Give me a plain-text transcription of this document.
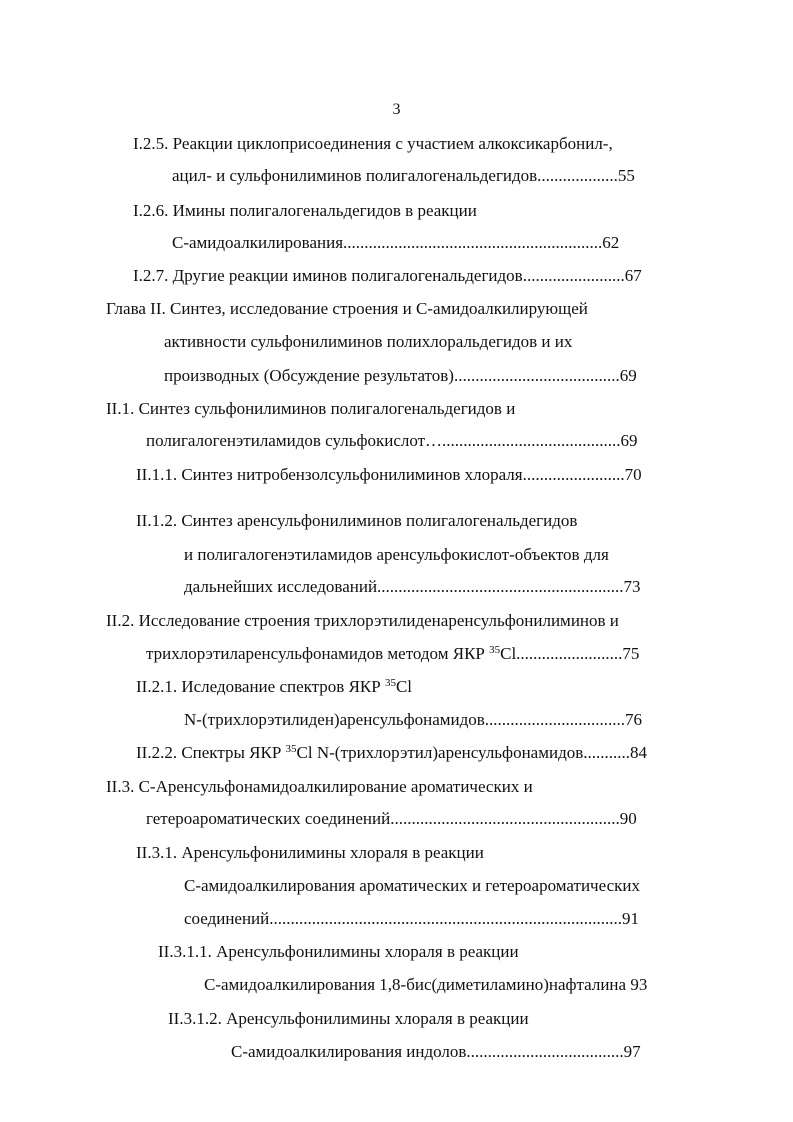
3
I.2.5. Реакции циклоприсоединения с участием алкоксикарбонил-,
ацил- и сульфонилиминов полигалогенальдегидов...................55
I.2.6. Имины полигалогенальдегидов в реакции
С-амидоалкилирования.............................................................62
I.2.7. Другие реакции иминов полигалогенальдегидов........................67
Глава II. Синтез, исследование строения и С-амидоалкилирующей
активности сульфонилиминов полихлоральдегидов и их
производных (Обсуждение результатов).......................................69
II.1. Синтез сульфонилиминов полигалогенальдегидов и
полигалогенэтиламидов сульфокислот…..........................................69
II.1.1. Синтез нитробензолсульфонилиминов хлораля........................70
II.1.2. Синтез аренсульфонилиминов полигалогенальдегидов
и полигалогенэтиламидов аренсульфокислот-объектов для
дальнейших исследований..........................................................73
II.2. Исследование строения трихлорэтилиденаренсульфонилиминов и
трихлорэтиларенсульфонамидов методом ЯКР $^{35}$Cl.........................75
II.2.1. Иследование спектров ЯКР $^{35}$Cl
N-(трихлорэтилиден)аренсульфонамидов.................................76
II.2.2. Спектры ЯКР $^{35}$Cl N-(трихлорэтил)аренсульфонамидов...........84
II.3. С-Аренсульфонамидоалкилирование ароматических и
гетероароматических соединений......................................................90
II.3.1. Аренсульфонилимины хлораля в реакции
С-амидоалкилирования ароматических и гетероароматических
соединений...................................................................................91
II.3.1.1. Аренсульфонилимины хлораля в реакции
С-амидоалкилирования 1,8-бис(диметиламино)нафталина 93
II.3.1.2. Аренсульфонилимины хлораля в реакции
С-амидоалкилирования индолов.....................................97
